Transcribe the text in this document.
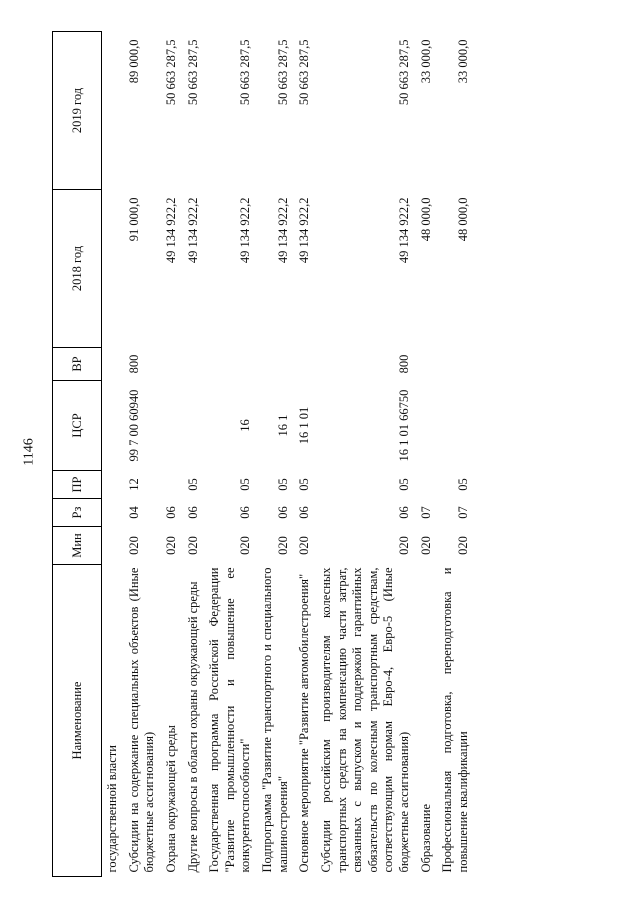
1146
Наименование	Мин	Рз	ПР	ЦСР	ВР	2018 год	2019 год
государственной власти							
Субсидии на содержание специальных объектов (Иные бюджетные ассигнования)	020	04	12	99 7 00 60940	800	91 000,0	89 000,0
Охрана окружающей среды	020	06				49 134 922,2	50 663 287,5
Другие вопросы в области охраны окружающей среды	020	06	05			49 134 922,2	50 663 287,5
Государственная программа Российской Федерации "Развитие промышленности и повышение ее конкурентоспособности"	020	06	05	16		49 134 922,2	50 663 287,5
Подпрограмма "Развитие транспортного и специального машиностроения"	020	06	05	16 1		49 134 922,2	50 663 287,5
Основное мероприятие "Развитие автомобилестроения"	020	06	05	16 1 01		49 134 922,2	50 663 287,5
Субсидии российским производителям колесных транспортных средств на компенсацию части затрат, связанных с выпуском и поддержкой гарантийных обязательств по колесным транспортным средствам, соответствующим нормам Евро-4, Евро-5 (Иные бюджетные ассигнования)	020	06	05	16 1 01 66750	800	49 134 922,2	50 663 287,5
Образование	020	07				48 000,0	33 000,0
Профессиональная подготовка, переподготовка и повышение квалификации	020	07	05			48 000,0	33 000,0
